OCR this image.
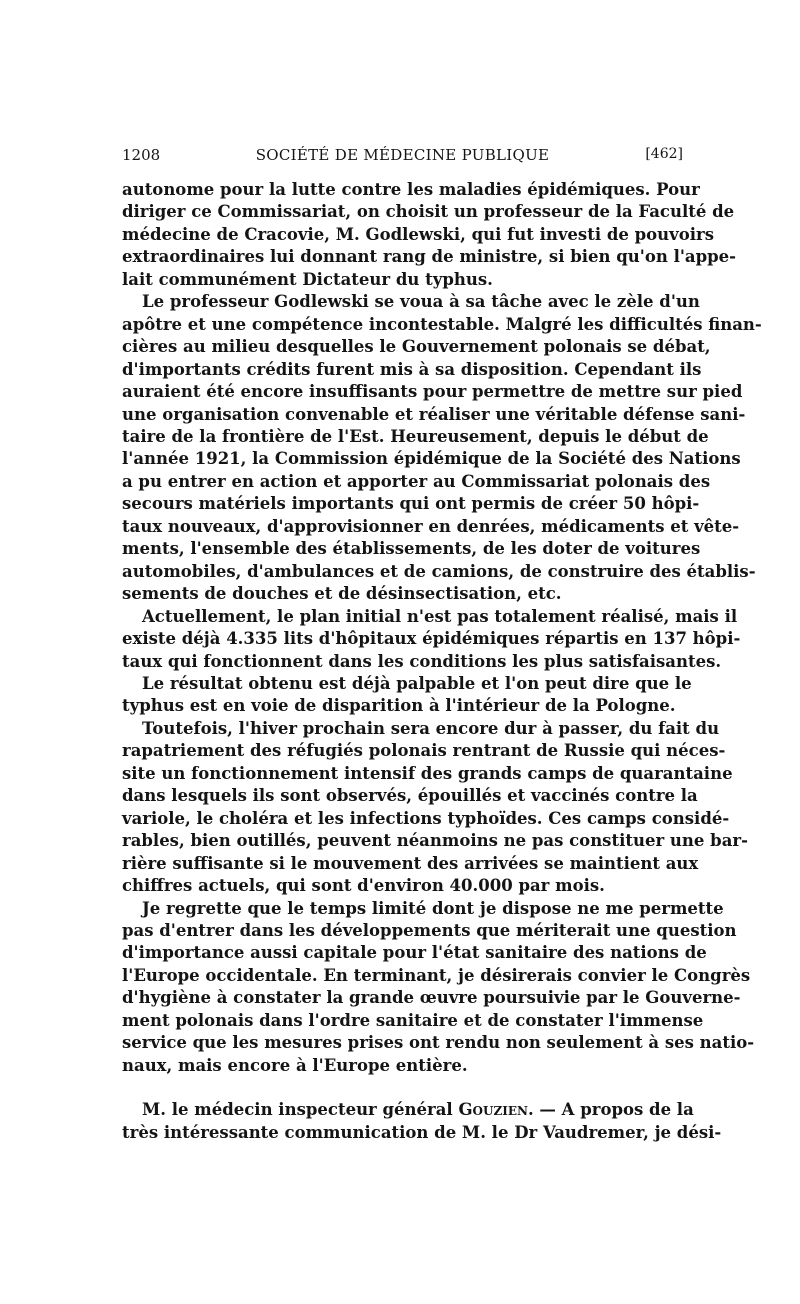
1208	SOCIÉTÉ DE MÉDECINE PUBLIQUE	[462]
autonome pour la lutte contre les maladies épidémiques. Pour
diriger ce Commissariat, on choisit un professeur de la Faculté de
médecine de Cracovie, M. Godlewski, qui fut investi de pouvoirs
extraordinaires lui donnant rang de ministre, si bien qu'on l'appe-
lait communément Dictateur du typhus.
Le professeur Godlewski se voua à sa tâche avec le zèle d'un
apôtre et une compétence incontestable. Malgré les difficultés finan-
cières au milieu desquelles le Gouvernement polonais se débat,
d'importants crédits furent mis à sa disposition. Cependant ils
auraient été encore insuffisants pour permettre de mettre sur pied
une organisation convenable et réaliser une véritable défense sani-
taire de la frontière de l'Est. Heureusement, depuis le début de
l'année 1921, la Commission épidémique de la Société des Nations
a pu entrer en action et apporter au Commissariat polonais des
secours matériels importants qui ont permis de créer 50 hôpi-
taux nouveaux, d'approvisionner en denrées, médicaments et vête-
ments, l'ensemble des établissements, de les doter de voitures
automobiles, d'ambulances et de camions, de construire des établis-
sements de douches et de désinsectisation, etc.
Actuellement, le plan initial n'est pas totalement réalisé, mais il
existe déjà 4.335 lits d'hôpitaux épidémiques répartis en 137 hôpi-
taux qui fonctionnent dans les conditions les plus satisfaisantes.
Le résultat obtenu est déjà palpable et l'on peut dire que le
typhus est en voie de disparition à l'intérieur de la Pologne.
Toutefois, l'hiver prochain sera encore dur à passer, du fait du
rapatriement des réfugiés polonais rentrant de Russie qui néces-
site un fonctionnement intensif des grands camps de quarantaine
dans lesquels ils sont observés, épouillés et vaccinés contre la
variole, le choléra et les infections typhoïdes. Ces camps considé-
rables, bien outillés, peuvent néanmoins ne pas constituer une bar-
rière suffisante si le mouvement des arrivées se maintient aux
chiffres actuels, qui sont d'environ 40.000 par mois.
Je regrette que le temps limité dont je dispose ne me permette
pas d'entrer dans les développements que mériterait une question
d'importance aussi capitale pour l'état sanitaire des nations de
l'Europe occidentale. En terminant, je désirerais convier le Congrès
d'hygiène à constater la grande œuvre poursuivie par le Gouverne-
ment polonais dans l'ordre sanitaire et de constater l'immense
service que les mesures prises ont rendu non seulement à ses natio-
naux, mais encore à l'Europe entière.
M. le médecin inspecteur général Gouzien. — A propos de la
très intéressante communication de M. le Dr Vaudremer, je dési-
